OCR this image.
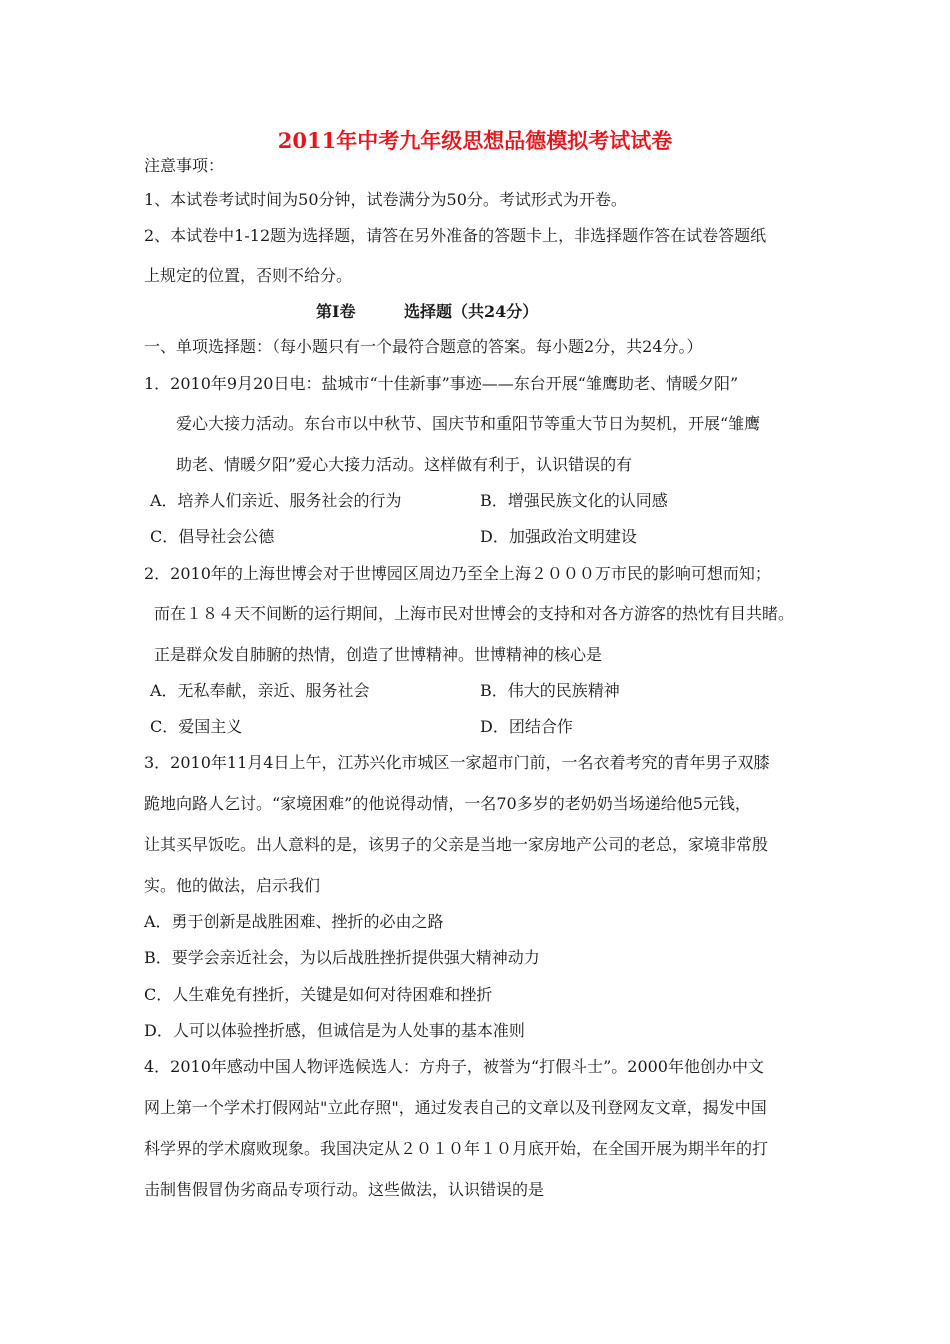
2011年中考九年级思想品德模拟考试试卷
注意事项：
1、本试卷考试时间为50分钟，试卷满分为50分。考试形式为开卷。
2、本试卷中1-12题为选择题，请答在另外准备的答题卡上，非选择题作答在试卷答题纸
上规定的位置，否则不给分。
第Ⅰ卷	选择题（共24分）
一、单项选择题：（每小题只有一个最符合题意的答案。每小题2分，共24分。）
1．2010年9月20日电：盐城市“十佳新事”事迹——东台开展“雏鹰助老、情暖夕阳”
爱心大接力活动。东台市以中秋节、国庆节和重阳节等重大节日为契机，开展“雏鹰
助老、情暖夕阳”爱心大接力活动。这样做有利于，认识错误的有
A．培养人们亲近、服务社会的行为	B．增强民族文化的认同感
C．倡导社会公德	D．加强政治文明建设
2．2010年的上海世博会对于世博园区周边乃至全上海２０００万市民的影响可想而知；
而在１８４天不间断的运行期间，上海市民对世博会的支持和对各方游客的热忱有目共睹。
正是群众发自肺腑的热情，创造了世博精神。世博精神的核心是
A．无私奉献，亲近、服务社会	B．伟大的民族精神
C．爱国主义	D．团结合作
3．2010年11月4日上午，江苏兴化市城区一家超市门前，一名衣着考究的青年男子双膝
跪地向路人乞讨。“家境困难”的他说得动情，一名70多岁的老奶奶当场递给他5元钱，
让其买早饭吃。出人意料的是，该男子的父亲是当地一家房地产公司的老总，家境非常殷
实。他的做法，启示我们
A．勇于创新是战胜困难、挫折的必由之路
B．要学会亲近社会，为以后战胜挫折提供强大精神动力
C．人生难免有挫折，关键是如何对待困难和挫折
D．人可以体验挫折感，但诚信是为人处事的基本准则
4．2010年感动中国人物评选候选人：方舟子，被誉为“打假斗士”。2000年他创办中文
网上第一个学术打假网站"立此存照"，通过发表自己的文章以及刊登网友文章，揭发中国
科学界的学术腐败现象。我国决定从２０１０年１０月底开始，在全国开展为期半年的打
击制售假冒伪劣商品专项行动。这些做法，认识错误的是
